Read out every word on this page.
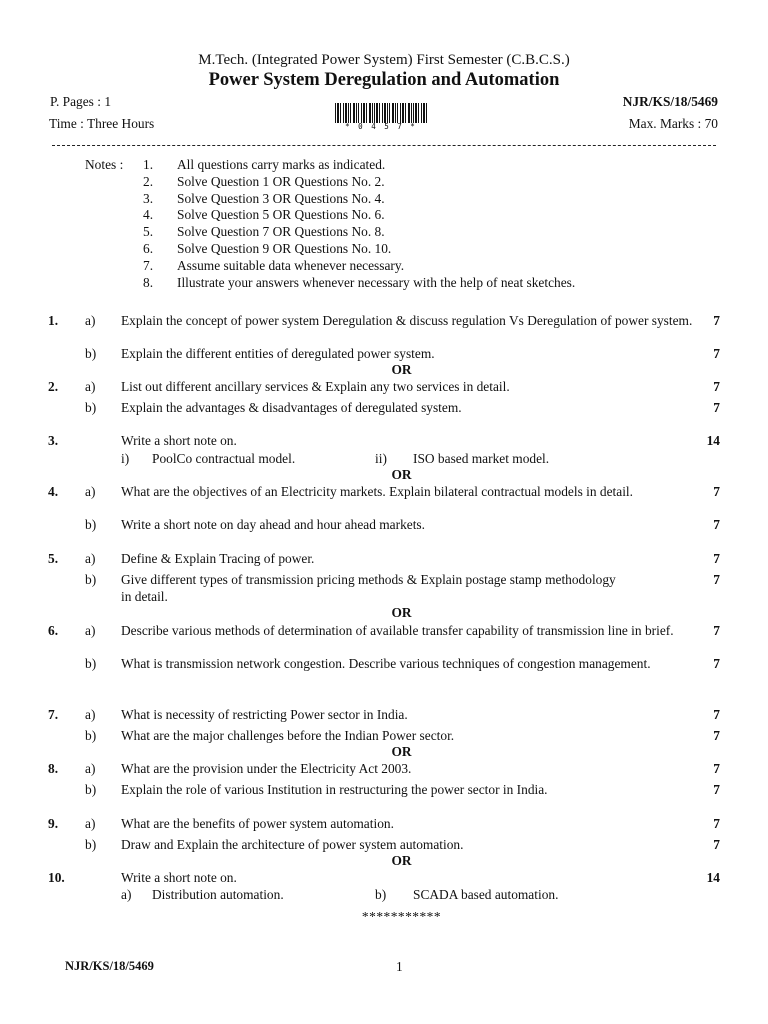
M.Tech. (Integrated Power System) First Semester (C.B.C.S.)
Power System Deregulation and Automation
P. Pages : 1	NJR/KS/18/5469
Time : Three Hours	Max. Marks : 70
* 0 4 5 7 *
Notes : 1. All questions carry marks as indicated.
2. Solve Question 1 OR Questions No. 2.
3. Solve Question 3 OR Questions No. 4.
4. Solve Question 5 OR Questions No. 6.
5. Solve Question 7 OR Questions No. 8.
6. Solve Question 9 OR Questions No. 10.
7. Assume suitable data whenever necessary.
8. Illustrate your answers whenever necessary with the help of neat sketches.
1. a) Explain the concept of power system Deregulation & discuss regulation Vs Deregulation of power system.	7
b) Explain the different entities of deregulated power system.	7
OR
2. a) List out different ancillary services & Explain any two services in detail.	7
b) Explain the advantages & disadvantages of deregulated system.	7
3.	Write a short note on.	14
i) PoolCo contractual model.	ii) ISO based market model.
OR
4. a) What are the objectives of an Electricity markets. Explain bilateral contractual models in detail.	7
b) Write a short note on day ahead and hour ahead markets.	7
5. a) Define & Explain Tracing of power.	7
b) Give different types of transmission pricing methods & Explain postage stamp methodology in detail.
7
OR
6. a) Describe various methods of determination of available transfer capability of transmission line in brief.	7
b) What is transmission network congestion. Describe various techniques of congestion management.	7
7. a) What is necessity of restricting Power sector in India.	7
b) What are the major challenges before the Indian Power sector.	7
OR
8. a) What are the provision under the Electricity Act 2003.	7
b) Explain the role of various Institution in restructuring the power sector in India.	7
9. a) What are the benefits of power system automation.	7
b) Draw and Explain the architecture of power system automation.	7
OR
10.	Write a short note on.	14
a) Distribution automation.	b) SCADA based automation.
***********
NJR/KS/18/5469	1
